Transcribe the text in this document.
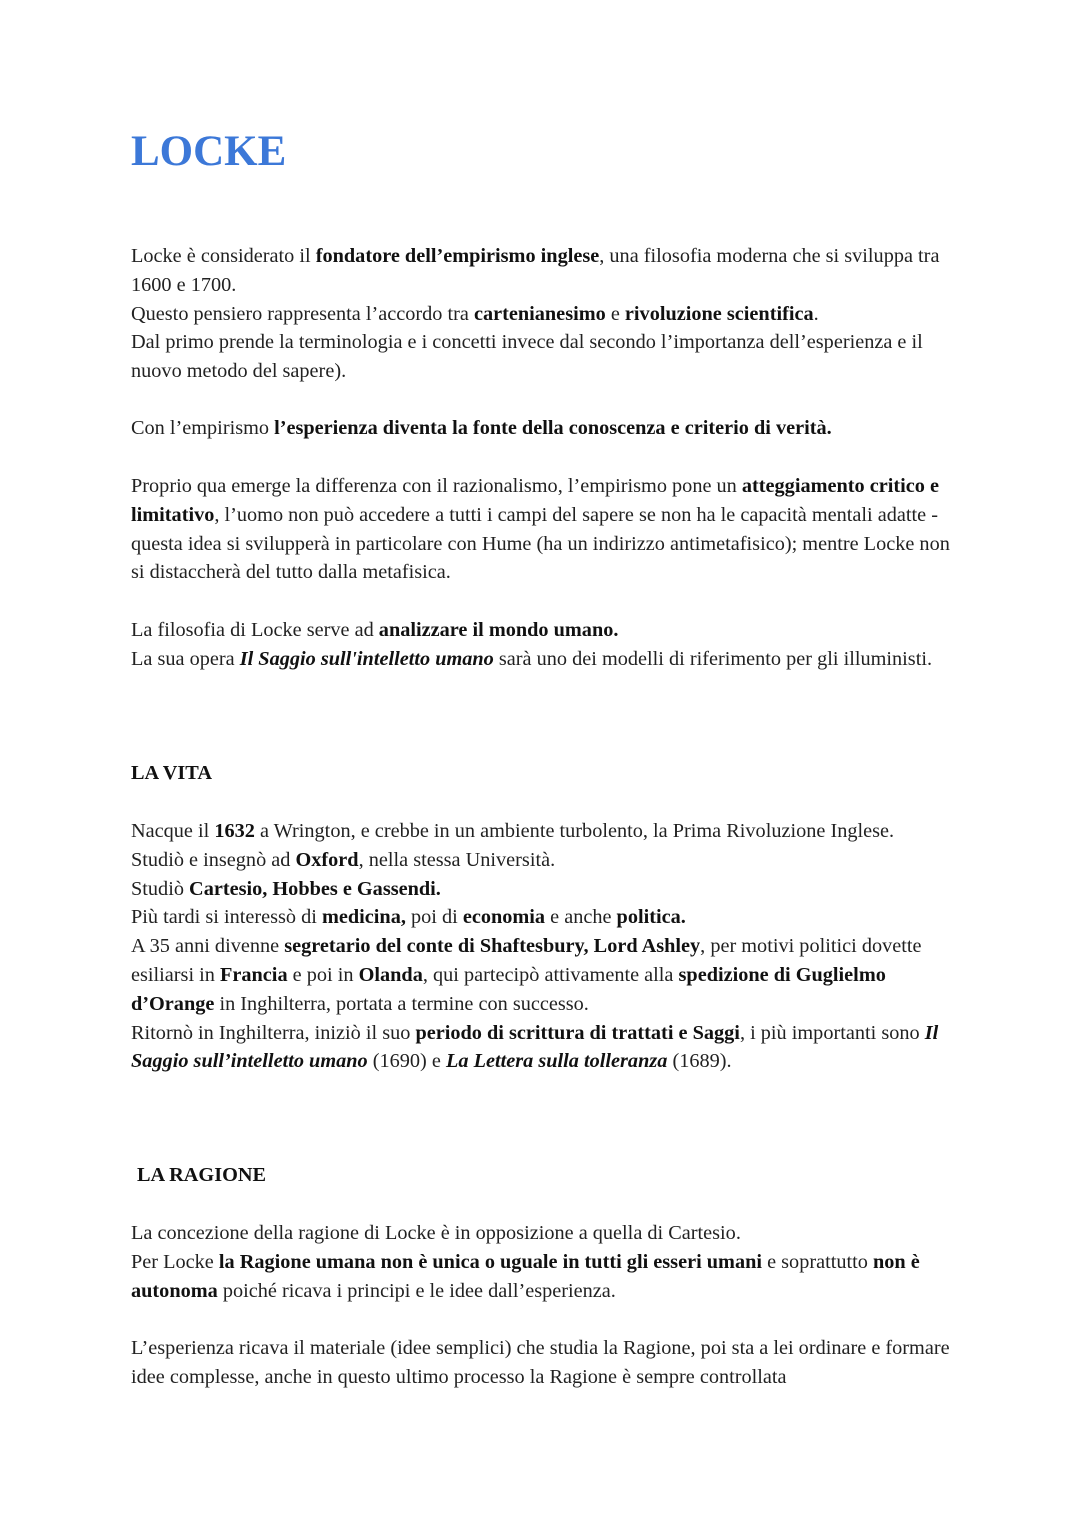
LOCKE

Locke è considerato il fondatore dell’empirismo inglese, una filosofia moderna che si sviluppa tra 1600 e 1700.

Questo pensiero rappresenta l’accordo tra cartenianesimo e rivoluzione scientifica.

Dal primo prende la terminologia e i concetti invece dal secondo l’importanza dell’esperienza e il nuovo metodo del sapere).

Con l’empirismo l’esperienza diventa la fonte della conoscenza e criterio di verità.

Proprio qua emerge la differenza con il razionalismo, l’empirismo pone un atteggiamento critico e limitativo, l’uomo non può accedere a tutti i campi del sapere se non ha le capacità mentali adatte - questa idea si svilupperà in particolare con Hume (ha un indirizzo antimetafisico); mentre Locke non si distaccherà del tutto dalla metafisica.

La filosofia di Locke serve ad analizzare il mondo umano.

La sua opera Il Saggio sull'intelletto umano sarà uno dei modelli di riferimento per gli illuministi.

LA VITA

Nacque il 1632 a Wrington, e crebbe in un ambiente turbolento, la Prima Rivoluzione Inglese.

Studiò e insegnò ad Oxford, nella stessa Università.

Studiò Cartesio, Hobbes e Gassendi.

Più tardi si interessò di medicina, poi di economia e anche politica.

A 35 anni divenne segretario del conte di Shaftesbury, Lord Ashley, per motivi politici dovette esiliarsi in Francia e poi in Olanda, qui partecipò attivamente alla spedizione di Guglielmo d’Orange in Inghilterra, portata a termine con successo.

Ritornò in Inghilterra, iniziò il suo periodo di scrittura di trattati e Saggi, i più importanti sono Il Saggio sull’intelletto umano (1690) e La Lettera sulla tolleranza (1689).

LA RAGIONE

La concezione della ragione di Locke è in opposizione a quella di Cartesio.

Per Locke la Ragione umana non è unica o uguale in tutti gli esseri umani e soprattutto non è autonoma poiché ricava i principi e le idee dall’esperienza.

L’esperienza ricava il materiale (idee semplici) che studia la Ragione, poi sta a lei ordinare e formare idee complesse, anche in questo ultimo processo la Ragione è sempre controllata
